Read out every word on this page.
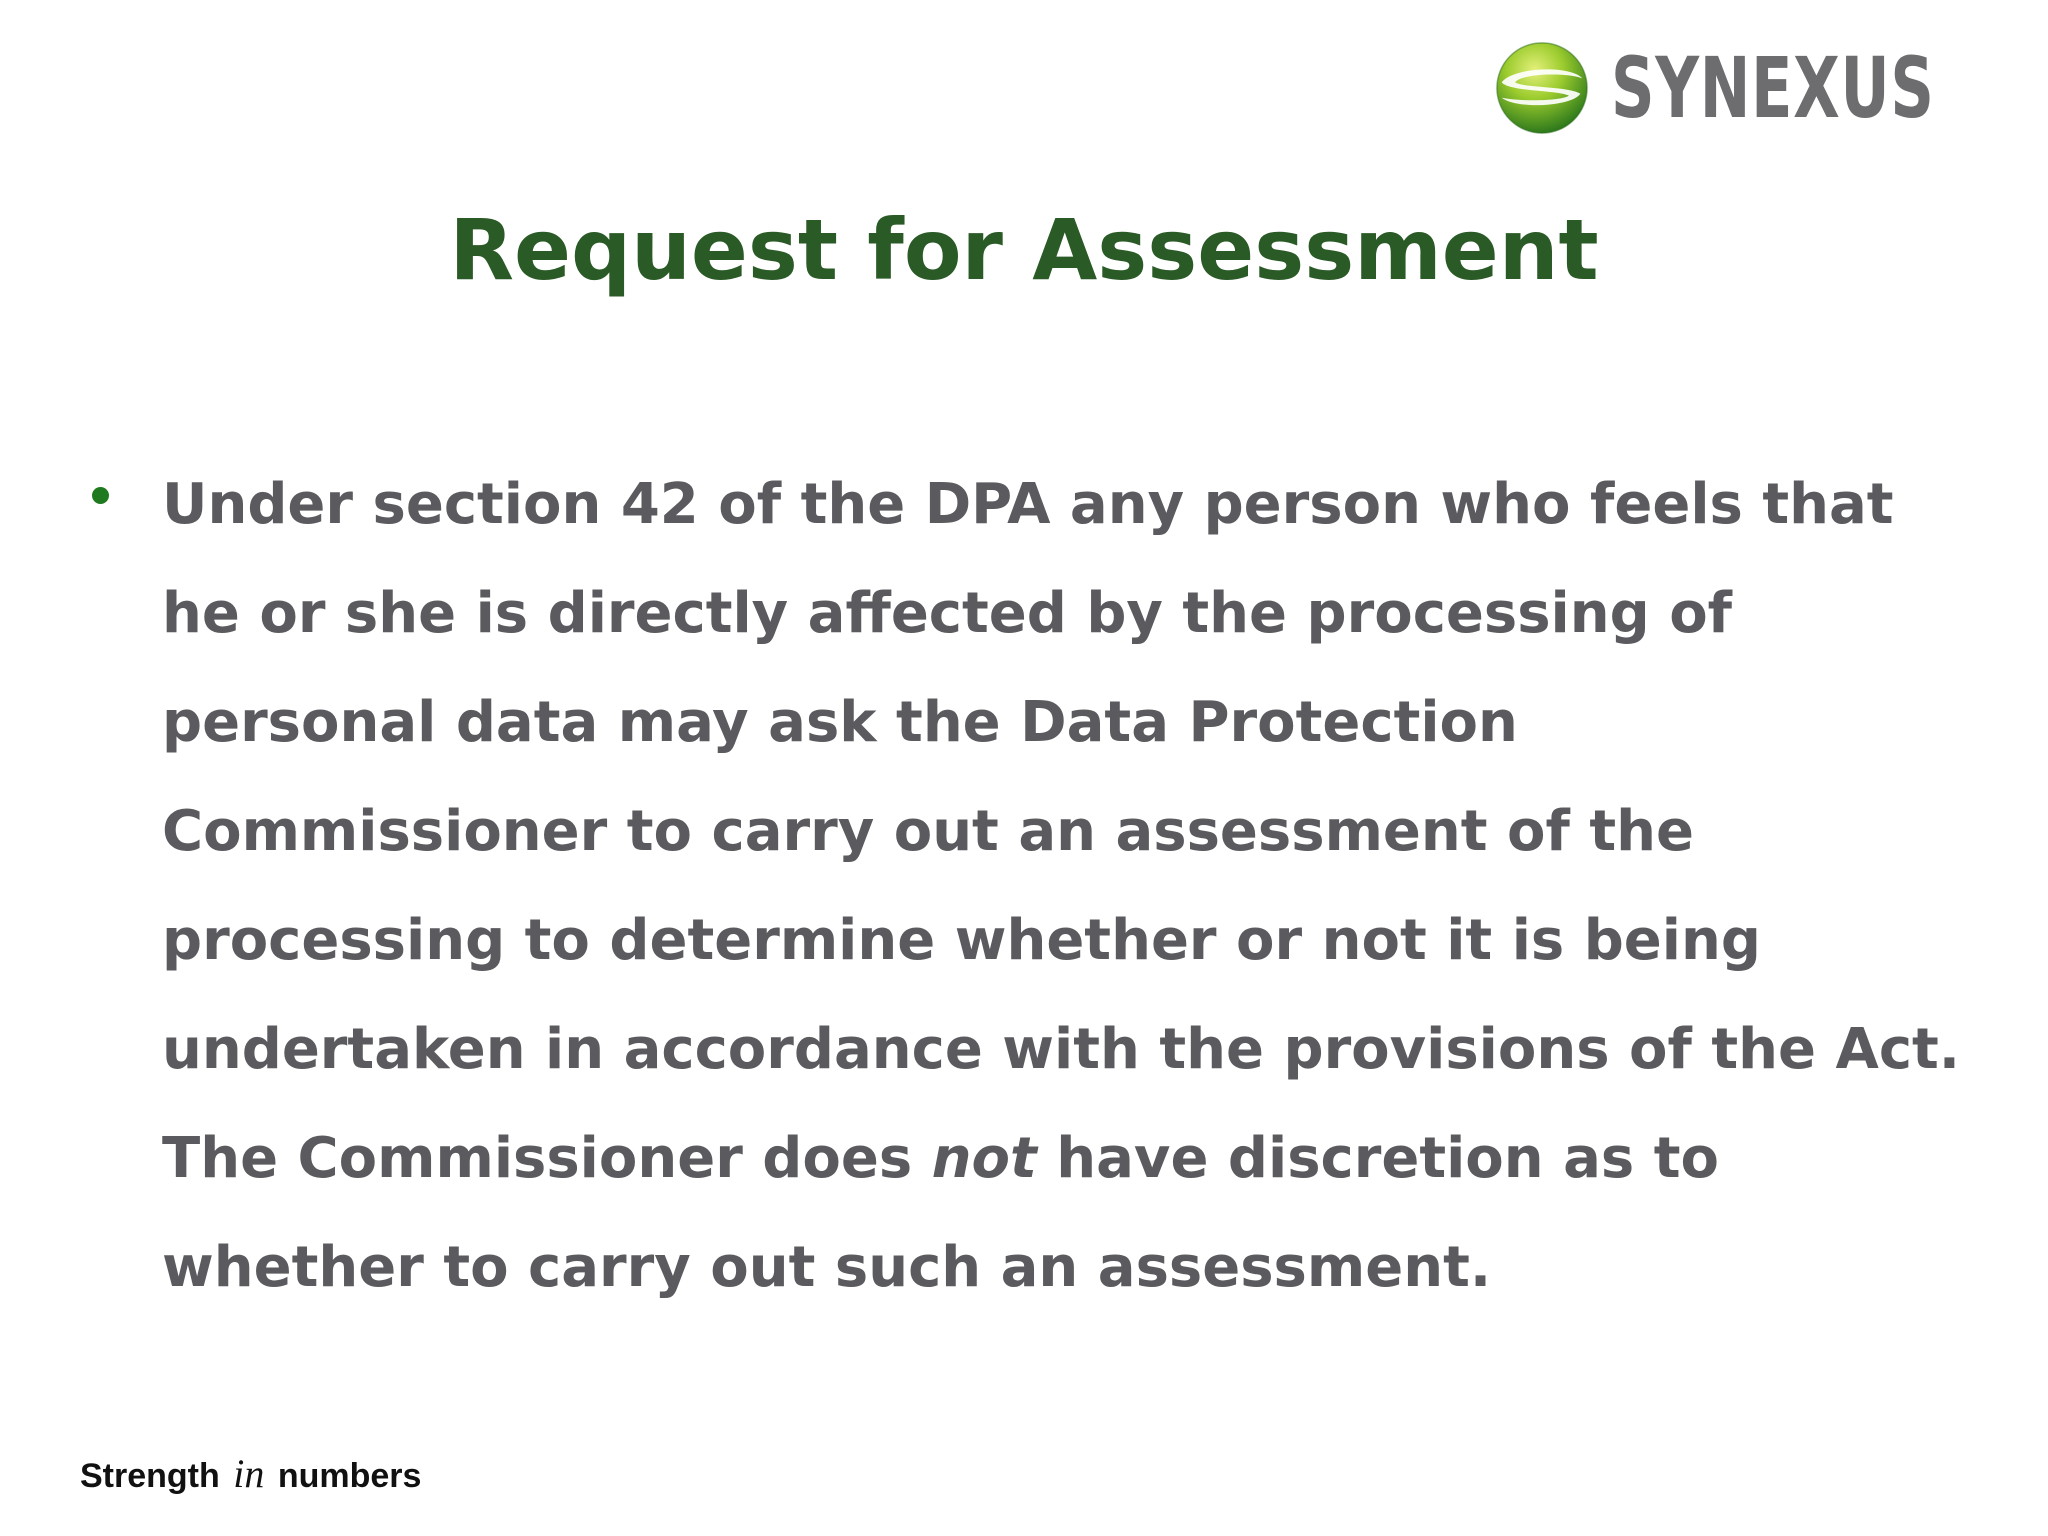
SYNEXUS
Request for Assessment

Under section 42 of the DPA any person who feels that he or she is directly affected by the processing of personal data may ask the Data Protection Commissioner to carry out an assessment of the processing to determine whether or not it is being undertaken in accordance with the provisions of the Act. The Commissioner does not have discretion as to whether to carry out such an assessment.

Strength in numbers
